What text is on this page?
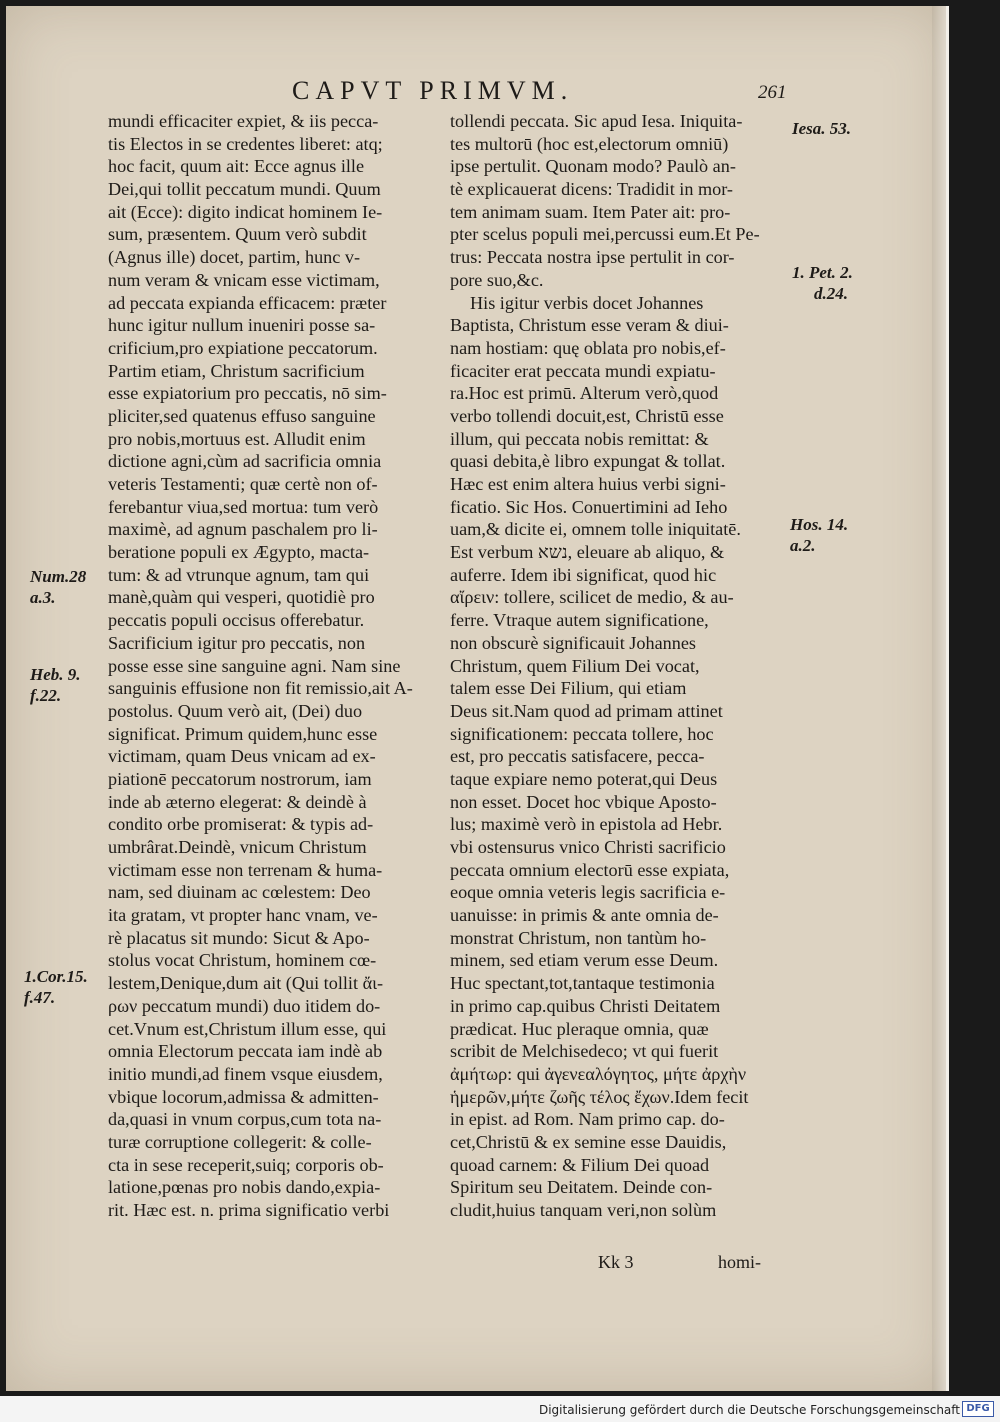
CAPVT PRIMVM.	261
mundi efficaciter expiet, & iis pecca-
tis Electos in se credentes liberet: atq;
hoc facit, quum ait: Ecce agnus ille
Dei,qui tollit peccatum mundi. Quum
ait (Ecce): digito indicat hominem Ie-
sum, præsentem. Quum verò subdit
(Agnus ille) docet, partim, hunc v-
num veram & vnicam esse victimam,
ad peccata expianda efficacem: præter
hunc igitur nullum inueniri posse sa-
crificium,pro expiatione peccatorum.
Partim etiam, Christum sacrificium
esse expiatorium pro peccatis, nō sim-
pliciter,sed quatenus effuso sanguine
pro nobis,mortuus est. Alludit enim
dictione agni,cùm ad sacrificia omnia
veteris Testamenti; quæ certè non of-
ferebantur viua,sed mortua: tum verò
maximè, ad agnum paschalem pro li-
beratione populi ex Ægypto, macta-
tum: & ad vtrunque agnum, tam qui
manè,quàm qui vesperi, quotidiè pro
peccatis populi occisus offerebatur.
Sacrificium igitur pro peccatis, non
posse esse sine sanguine agni. Nam sine
sanguinis effusione non fit remissio,ait A-
postolus. Quum verò ait, (Dei) duo
significat. Primum quidem,hunc esse
victimam, quam Deus vnicam ad ex-
piationē peccatorum nostrorum, iam
inde ab æterno elegerat: & deindè à
condito orbe promiserat: & typis ad-
umbrârat.Deindè, vnicum Christum
victimam esse non terrenam & huma-
nam, sed diuinam ac cœlestem: Deo
ita gratam, vt propter hanc vnam, ve-
rè placatus sit mundo: Sicut & Apo-
stolus vocat Christum, hominem cœ-
lestem,Denique,dum ait (Qui tollit ἄι-
ρων peccatum mundi) duo itidem do-
cet.Vnum est,Christum illum esse, qui
omnia Electorum peccata iam indè ab
initio mundi,ad finem vsque eiusdem,
vbique locorum,admissa & admitten-
da,quasi in vnum corpus,cum tota na-
turæ corruptione collegerit: & colle-
cta in sese receperit,suiq; corporis ob-
latione,pœnas pro nobis dando,expia-
rit. Hæc est. n. prima significatio verbi
tollendi peccata. Sic apud Iesa. Iniquita-
tes multorū (hoc est,electorum omniū)
ipse pertulit. Quonam modo? Paulò an-
tè explicauerat dicens: Tradidit in mor-
tem animam suam. Item Pater ait: pro-
pter scelus populi mei,percussi eum.Et Pe-
trus: Peccata nostra ipse pertulit in cor-
pore suo,&c.
His igitur verbis docet Johannes
Baptista, Christum esse veram & diui-
nam hostiam: quę oblata pro nobis,ef-
ficaciter erat peccata mundi expiatu-
ra.Hoc est primū. Alterum verò,quod
verbo tollendi docuit,est, Christū esse
illum, qui peccata nobis remittat: &
quasi debita,è libro expungat & tollat.
Hæc est enim altera huius verbi signi-
ficatio. Sic Hos. Conuertimini ad Ieho
uam,& dicite ei, omnem tolle iniquitatē.
Est verbum נשא, eleuare ab aliquo, &
auferre. Idem ibi significat, quod hic
αἴρειν: tollere, scilicet de medio, & au-
ferre. Vtraque autem significatione,
non obscurè significauit Johannes
Christum, quem Filium Dei vocat,
talem esse Dei Filium, qui etiam
Deus sit.Nam quod ad primam attinet
significationem: peccata tollere, hoc
est, pro peccatis satisfacere, pecca-
taque expiare nemo poterat,qui Deus
non esset. Docet hoc vbique Aposto-
lus; maximè verò in epistola ad Hebr.
vbi ostensurus vnico Christi sacrificio
peccata omnium electorū esse expiata,
eoque omnia veteris legis sacrificia e-
uanuisse: in primis & ante omnia de-
monstrat Christum, non tantùm ho-
minem, sed etiam verum esse Deum.
Huc spectant,tot,tantaque testimonia
in primo cap.quibus Christi Deitatem
prædicat. Huc pleraque omnia, quæ
scribit de Melchisedeco; vt qui fuerit
ἀμήτωρ: qui ἀγενεαλόγητος, μήτε ἀρχὴν
ἡμερῶν,μήτε ζωῆς τέλος ἔχων.Idem fecit
in epist. ad Rom. Nam primo cap. do-
cet,Christū & ex semine esse Dauidis,
quoad carnem: & Filium Dei quoad
Spiritum seu Deitatem. Deinde con-
cludit,huius tanquam veri,non solùm
Iesa. 53.
1. Pet. 2.
d.24.
Hos. 14.
a.2.
Num.28
a.3.
Heb. 9.
f.22.
1.Cor.15.
f.47.
Kk 3	homi-
Digitalisierung gefördert durch die Deutsche Forschungsgemeinschaft DFG
